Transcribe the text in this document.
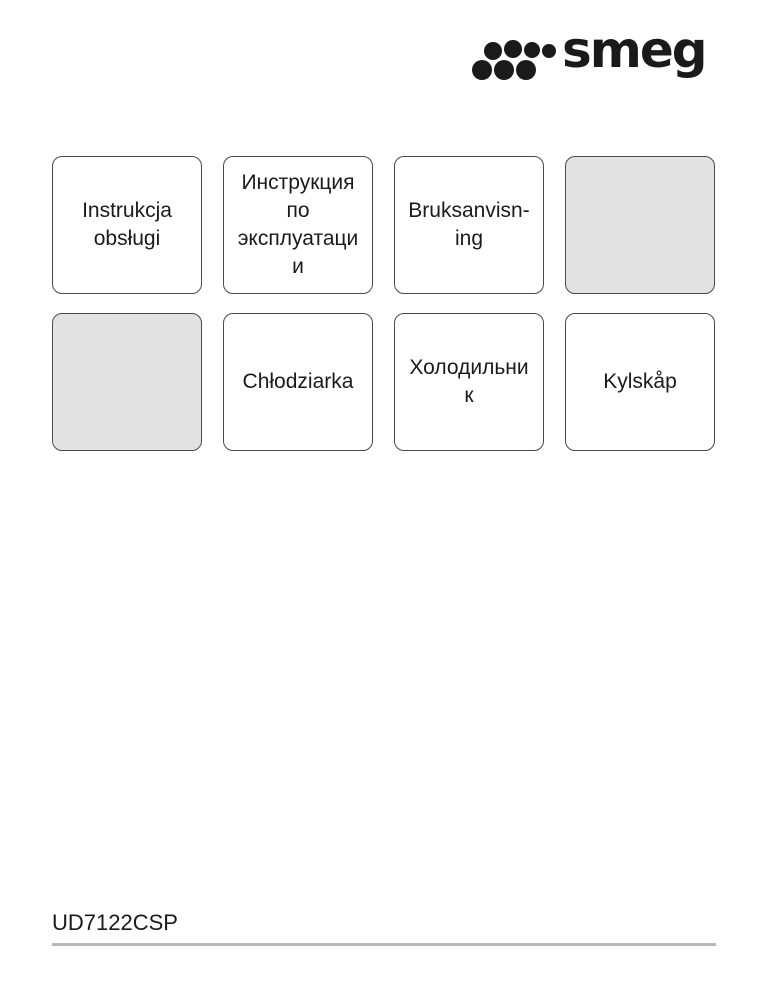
smeg
Instrukcja
obsługi
Инструкция
по
эксплуатаци
и
Bruksanvisn-
ing
Chłodziarka
Холодильни
к
Kylskåp
UD7122CSP
